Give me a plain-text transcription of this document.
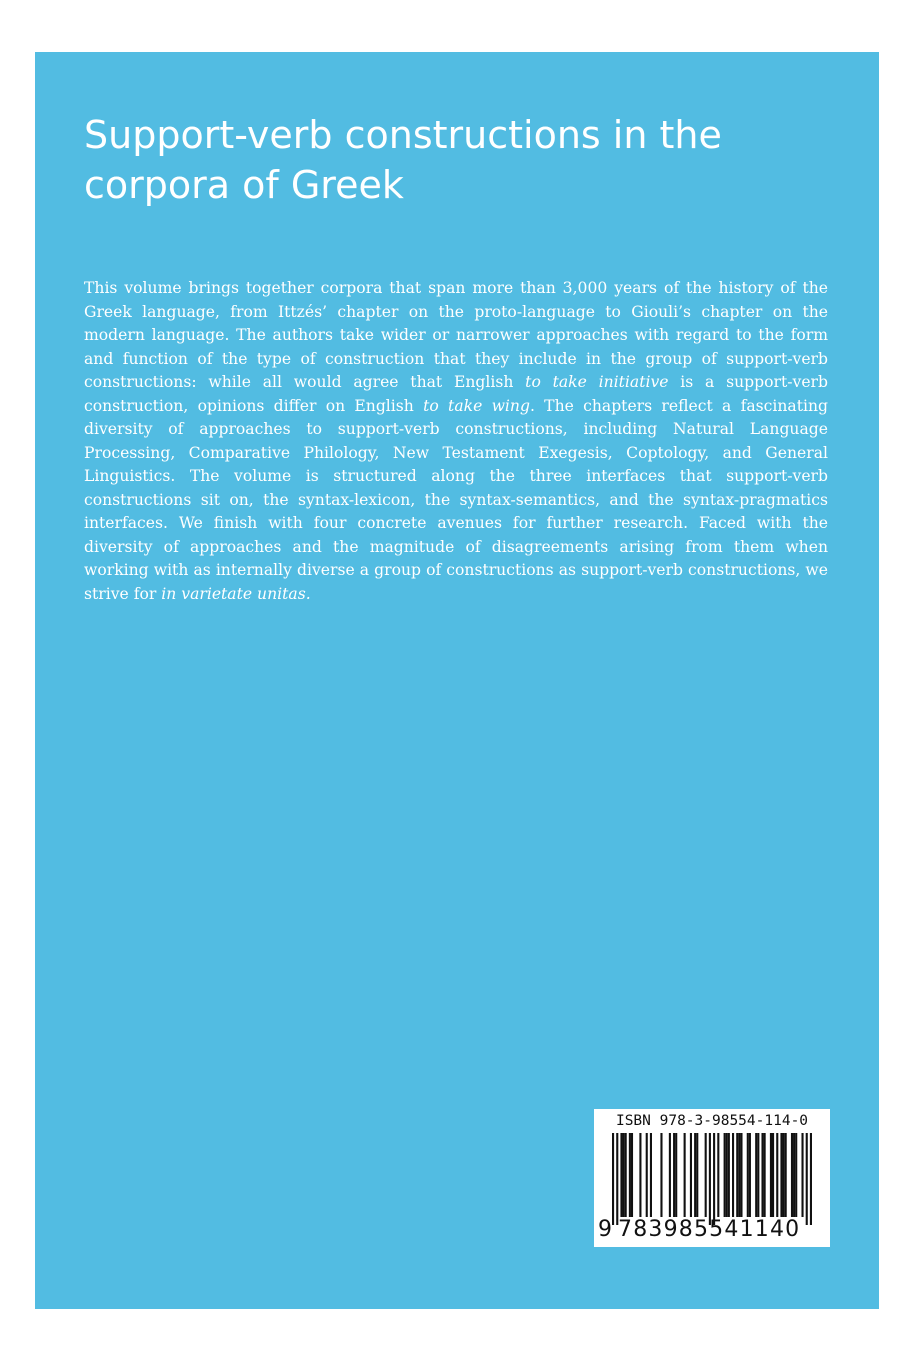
Support-verb constructions in the corpora of Greek

This volume brings together corpora that span more than 3,000 years of the history of the Greek language, from Ittzés’ chapter on the proto-language to Giouli’s chapter on the modern language. The authors take wider or narrower approaches with regard to the form and function of the type of construction that they include in the group of support-verb constructions: while all would agree that English to take initiative is a support-verb construction, opinions differ on English to take wing. The chapters reflect a fascinating diversity of approaches to support-verb constructions, including Natural Language Processing, Comparative Philology, New Testament Exegesis, Coptology, and General Linguistics. The volume is structured along the three interfaces that support-verb constructions sit on, the syntax-lexicon, the syntax-semantics, and the syntax-pragmatics interfaces. We finish with four concrete avenues for further research. Faced with the diversity of approaches and the magnitude of disagreements arising from them when working with as internally diverse a group of constructions as support-verb constructions, we strive for in varietate unitas.

ISBN 978-3-98554-114-0
9 783985541140
